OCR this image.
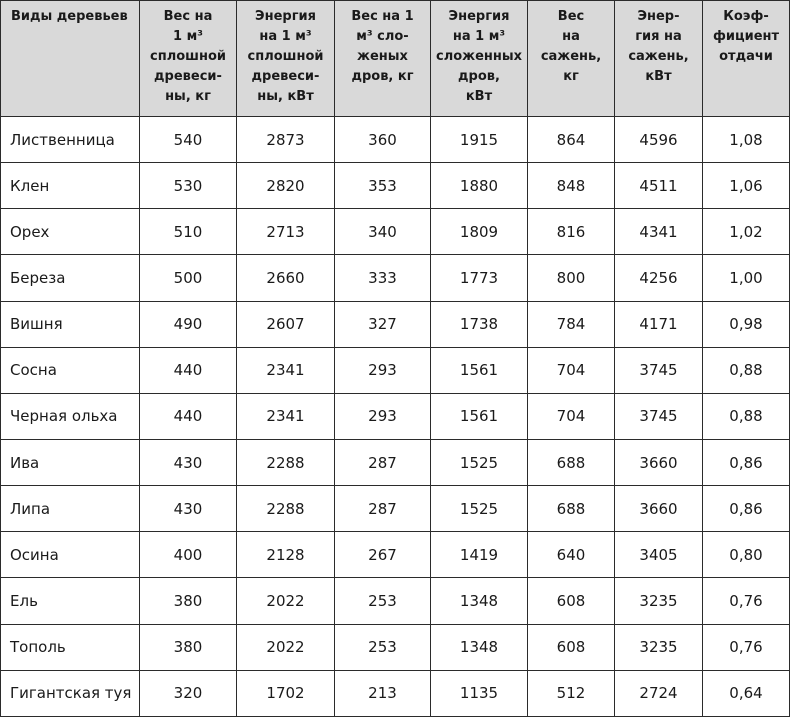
Виды деревьев	Вес на
1 м³
сплошной
древеси-
ны, кг	Энергия
на 1 м³
сплошной
древеси-
ны, кВт	Вес на 1
м³ сло-
женых
дров, кг	Энергия
на 1 м³
сложенных
дров,
кВт	Вес
на
сажень,
кг	Энер-
гия на
сажень,
кВт	Коэф-
фициент
отдачи

Лиственница	540	2873	360	1915	864	4596	1,08
Клен	530	2820	353	1880	848	4511	1,06
Орех	510	2713	340	1809	816	4341	1,02
Береза	500	2660	333	1773	800	4256	1,00
Вишня	490	2607	327	1738	784	4171	0,98
Сосна	440	2341	293	1561	704	3745	0,88
Черная ольха	440	2341	293	1561	704	3745	0,88
Ива	430	2288	287	1525	688	3660	0,86
Липа	430	2288	287	1525	688	3660	0,86
Осина	400	2128	267	1419	640	3405	0,80
Ель	380	2022	253	1348	608	3235	0,76
Тополь	380	2022	253	1348	608	3235	0,76
Гигантская туя	320	1702	213	1135	512	2724	0,64
